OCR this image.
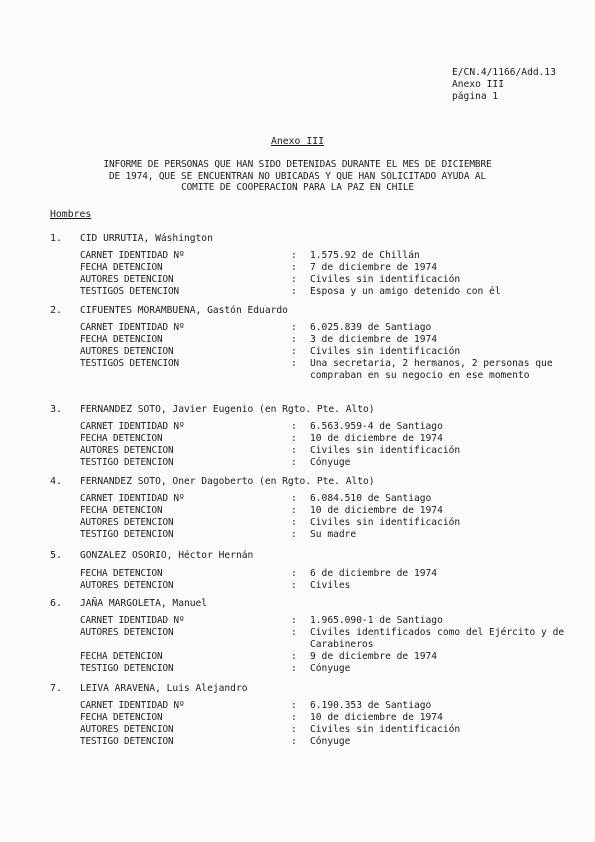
E/CN.4/1166/Add.13
Anexo III
página 1
Anexo III
INFORME DE PERSONAS QUE HAN SIDO DETENIDAS DURANTE EL MES DE DICIEMBRE
DE 1974, QUE SE ENCUENTRAN NO UBICADAS Y QUE HAN SOLICITADO AYUDA AL
COMITE DE COOPERACION PARA LA PAZ EN CHILE
Hombres
1. CID URRUTIA, Wáshington
CARNET IDENTIDAD Nº	: 1.575.92 de Chillán
FECHA DETENCION	: 7 de diciembre de 1974
AUTORES DETENCION	: Civiles sin identificación
TESTIGOS DETENCION	: Esposa y un amigo detenido con él
2. CIFUENTES MORAMBUENA, Gastón Eduardo
CARNET IDENTIDAD Nº	: 6.025.839 de Santiago
FECHA DETENCION	: 3 de diciembre de 1974
AUTORES DETENCION	: Civiles sin identificación
TESTIGOS DETENCION	: Una secretaria, 2 hermanos, 2 personas que compraban en su negocio en ese momento
3. FERNANDEZ SOTO, Javier Eugenio (en Rgto. Pte. Alto)
CARNET IDENTIDAD Nº	: 6.563.959-4 de Santiago
FECHA DETENCION	: 10 de diciembre de 1974
AUTORES DETENCION	: Civiles sin identificación
TESTIGO DETENCION	: Cónyuge
4. FERNANDEZ SOTO, Oner Dagoberto (en Rgto. Pte. Alto)
CARNET IDENTIDAD Nº	: 6.084.510 de Santiago
FECHA DETENCION	: 10 de diciembre de 1974
AUTORES DETENCION	: Civiles sin identificación
TESTIGO DETENCION	: Su madre
5. GONZALEZ OSORIO, Héctor Hernán
FECHA DETENCION	: 6 de diciembre de 1974
AUTORES DETENCION	: Civiles
6. JAÑA MARGOLETA, Manuel
CARNET IDENTIDAD Nº	: 1.965.090-1 de Santiago
AUTORES DETENCION	: Civiles identificados como del Ejército y de Carabineros
FECHA DETENCION	: 9 de diciembre de 1974
TESTIGO DETENCION	: Cónyuge
7. LEIVA ARAVENA, Luis Alejandro
CARNET IDENTIDAD Nº	: 6.190.353 de Santiago
FECHA DETENCION	: 10 de diciembre de 1974
AUTORES DETENCION	: Civiles sin identificación
TESTIGO DETENCION	: Cónyuge
